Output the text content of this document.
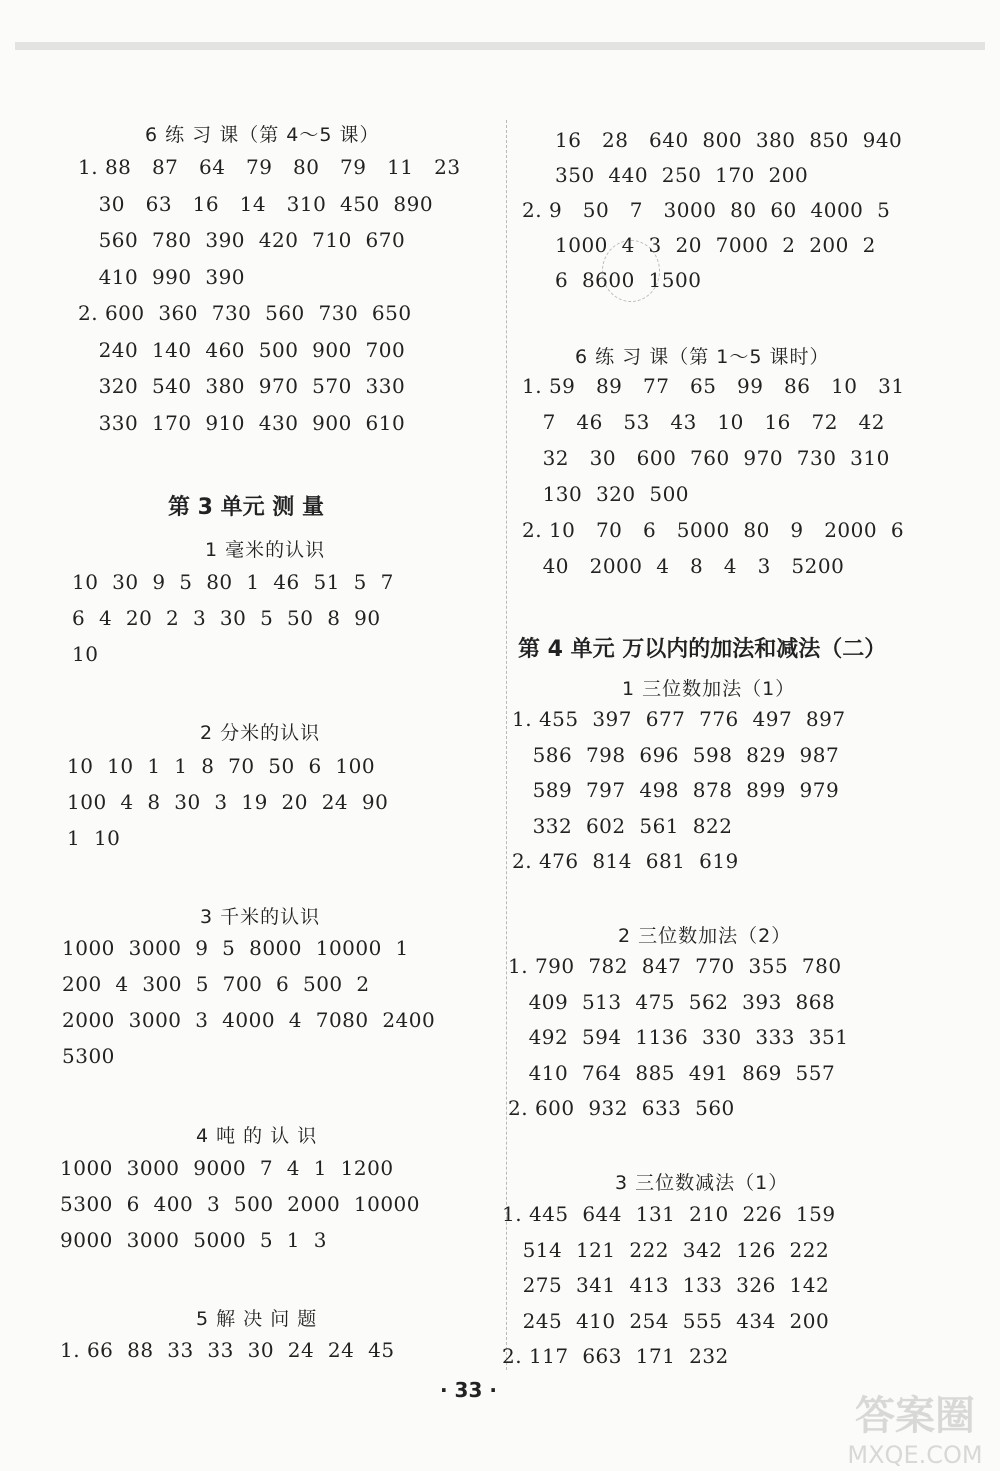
6 练 习 课（第 4～5 课）
1. 88   87   64   79   80   79   11   23
30   63   16   14   310  450  890
560  780  390  420  710  670
410  990  390
2. 600  360  730  560  730  650
240  140  460  500  900  700
320  540  380  970  570  330
330  170  910  430  900  610
第 3 单元 测 量
1 毫米的认识
10  30  9  5  80  1  46  51  5  7
6  4  20  2  3  30  5  50  8  90
10
2 分米的认识
10  10  1  1  8  70  50  6  100
100  4  8  30  3  19  20  24  90
1  10
3 千米的认识
1000  3000  9  5  8000  10000  1
200  4  300  5  700  6  500  2
2000  3000  3  4000  4  7080  2400
5300
4 吨 的 认 识
1000  3000  9000  7  4  1  1200
5300  6  400  3  500  2000  10000
9000  3000  5000  5  1  3
5 解 决 问 题
1. 66  88  33  33  30  24  24  45
16   28   640  800  380  850  940
350  440  250  170  200
2. 9   50   7   3000  80  60  4000  5
1000  4  3  20  7000  2  200  2
6  8600  1500
6 练 习 课（第 1～5 课时）
1. 59   89   77   65   99   86   10   31
7   46   53   43   10   16   72   42
32   30   600  760  970  730  310
130  320  500
2. 10   70   6   5000  80   9   2000  6
40   2000  4   8   4   3   5200
第 4 单元 万以内的加法和减法（二）
1 三位数加法（1）
1. 455  397  677  776  497  897
586  798  696  598  829  987
589  797  498  878  899  979
332  602  561  822
2. 476  814  681  619
2 三位数加法（2）
1. 790  782  847  770  355  780
409  513  475  562  393  868
492  594  1136  330  333  351
410  764  885  491  869  557
2. 600  932  633  560
3 三位数减法（1）
1. 445  644  131  210  226  159
514  121  222  342  126  222
275  341  413  133  326  142
245  410  254  555  434  200
2. 117  663  171  232
· 33 ·
答案圈
MXQE.COM
